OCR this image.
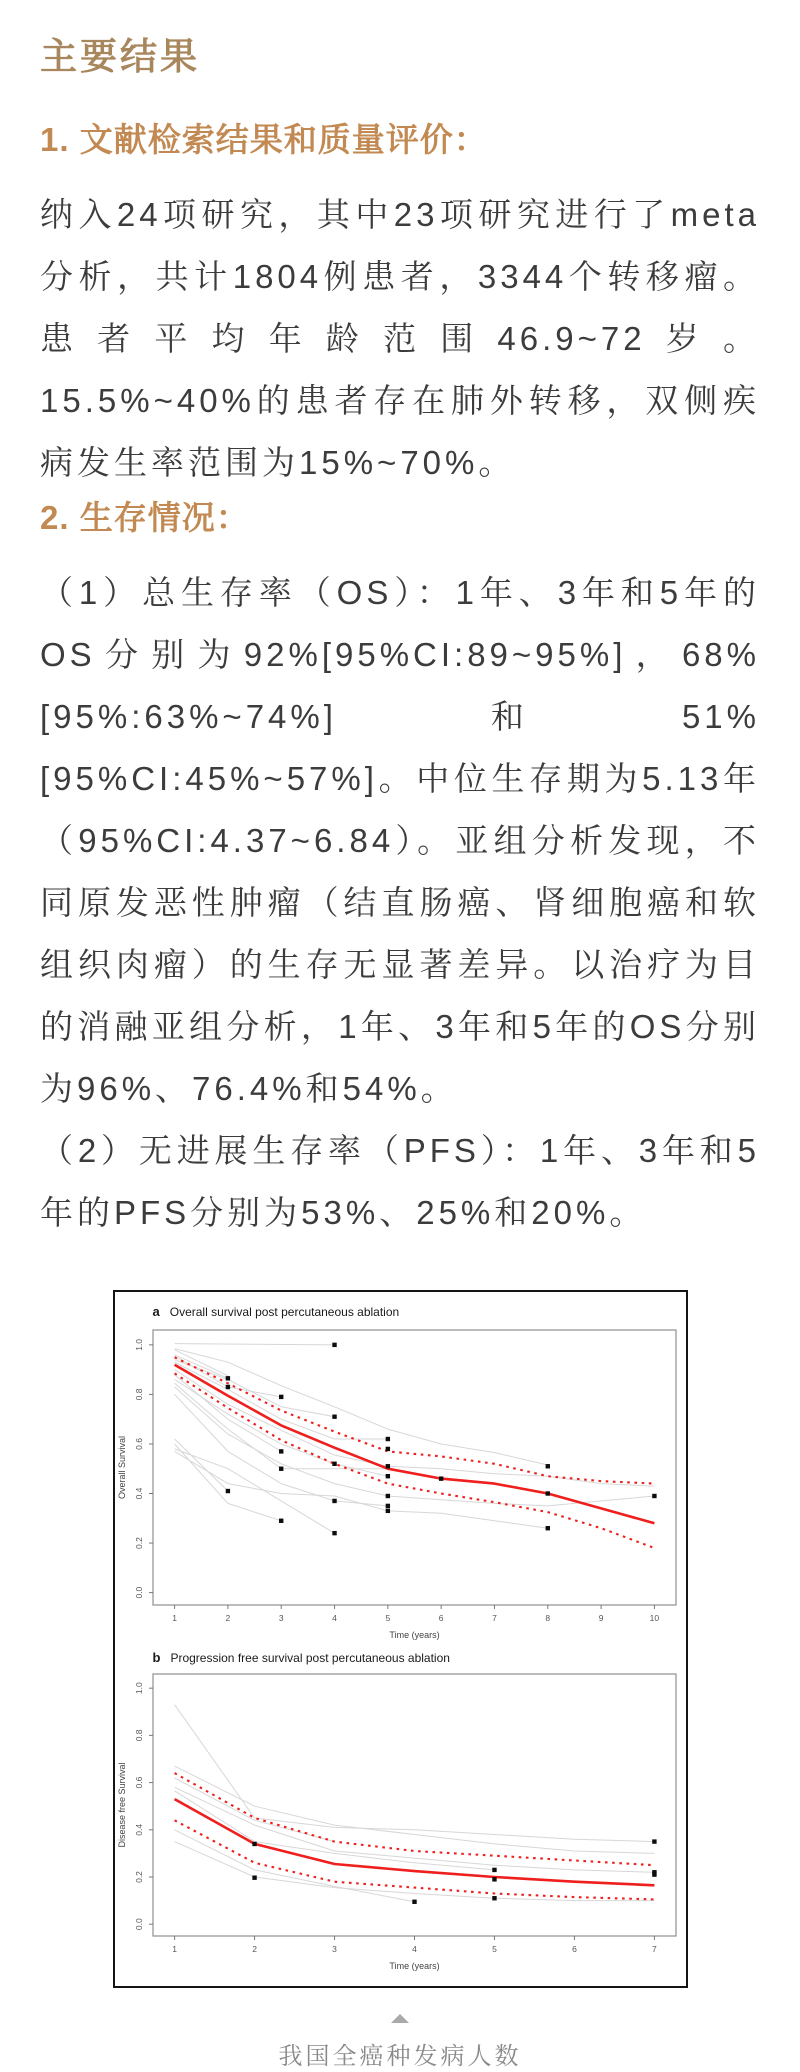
主要结果
1. 文献检索结果和质量评价：

纳入24项研究，其中23项研究进行了meta分析，共计1804例患者，3344个转移瘤。患者平均年龄范围46.9~72岁。15.5%~40%的患者存在肺外转移，双侧疾病发生率范围为15%~70%。

2. 生存情况：

（1）总生存率（OS）：1年、3年和5年的OS分别为92%[95%CI:89~95%]，68%[95%:63%~74%]和51%[95%CI:45%~57%]。中位生存期为5.13年（95%CI:4.37~6.84）。亚组分析发现，不同原发恶性肿瘤（结直肠癌、肾细胞癌和软组织肉瘤）的生存无显著差异。以治疗为目的消融亚组分析，1年、3年和5年的OS分别为96%、76.4%和54%。

（2）无进展生存率（PFS）：1年、3年和5年的PFS分别为53%、25%和20%。

a Overall survival post percutaneous ablation
1	2	3	4	5	6	7	8	9	10
0.0
0.2
0.4
0.6
0.8
1.0
Overall Survival
Time (years)
b Progression free survival post percutaneous ablation
1	2	3	4	5	6	7
0.0
0.2
0.4
0.6
0.8
1.0
Disease free Survival
Time (years)
我国全癌种发病人数
